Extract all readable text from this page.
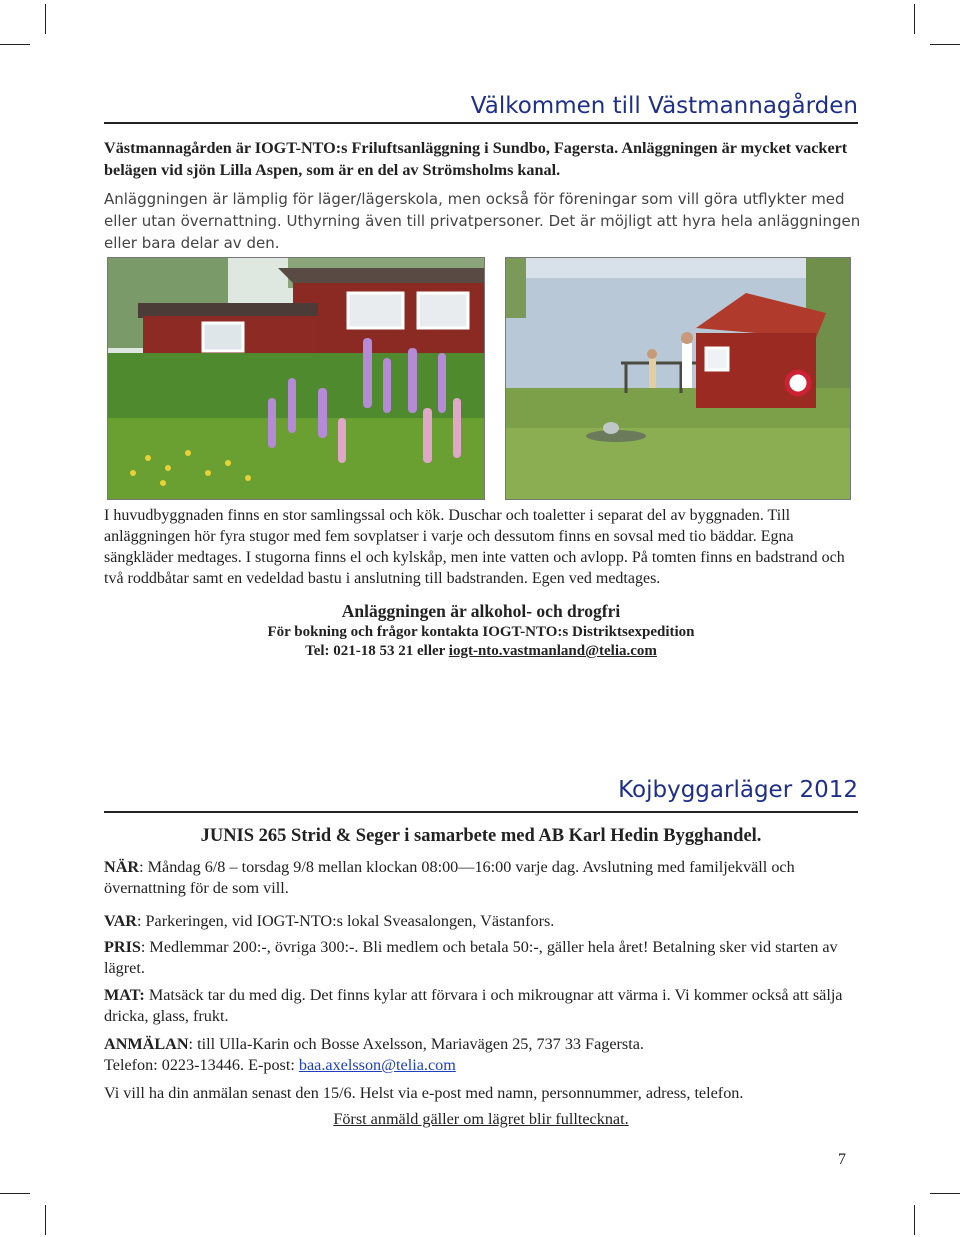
Välkommen till Västmannagården
Västmannagården är IOGT-NTO:s Friluftsanläggning i Sundbo, Fagersta. Anläggningen är mycket vackert belägen vid sjön Lilla Aspen, som är en del av Strömsholms kanal.
Anläggningen är lämplig för läger/lägerskola, men också för föreningar som vill göra utflykter med eller utan övernattning. Uthyrning även till privatpersoner. Det är möjligt att hyra hela anläggningen eller bara delar av den.
I huvudbyggnaden finns en stor samlingssal och kök. Duschar och toaletter i separat del av byggnaden. Till anläggningen hör fyra stugor med fem sovplatser i varje och dessutom finns en sovsal med tio bäddar. Egna sängkläder medtages. I stugorna finns el och kylskåp, men inte vatten och avlopp. På tomten finns en badstrand och två roddbåtar samt en vedeldad bastu i anslutning till badstranden. Egen ved medtages.
Anläggningen är alkohol- och drogfri
För bokning och frågor kontakta IOGT-NTO:s Distriktsexpedition
Tel: 021-18 53 21 eller iogt-nto.vastmanland@telia.com
Kojbyggarläger 2012
JUNIS 265 Strid & Seger i samarbete med AB Karl Hedin Bygghandel.
NÄR: Måndag 6/8 – torsdag 9/8 mellan klockan 08:00—16:00 varje dag. Avslutning med familjekväll och övernattning för de som vill.
VAR: Parkeringen, vid IOGT-NTO:s lokal Sveasalongen, Västanfors.
PRIS: Medlemmar 200:-, övriga 300:-. Bli medlem och betala 50:-, gäller hela året! Betalning sker vid starten av lägret.
MAT: Matsäck tar du med dig. Det finns kylar att förvara i och mikrougnar att värma i. Vi kommer också att sälja dricka, glass, frukt.
ANMÄLAN: till Ulla-Karin och Bosse Axelsson, Mariavägen 25, 737 33 Fagersta.
Telefon: 0223-13446. E-post: baa.axelsson@telia.com
Vi vill ha din anmälan senast den 15/6. Helst via e-post med namn, personnummer, adress, telefon.
Först anmäld gäller om lägret blir fulltecknat.
7
